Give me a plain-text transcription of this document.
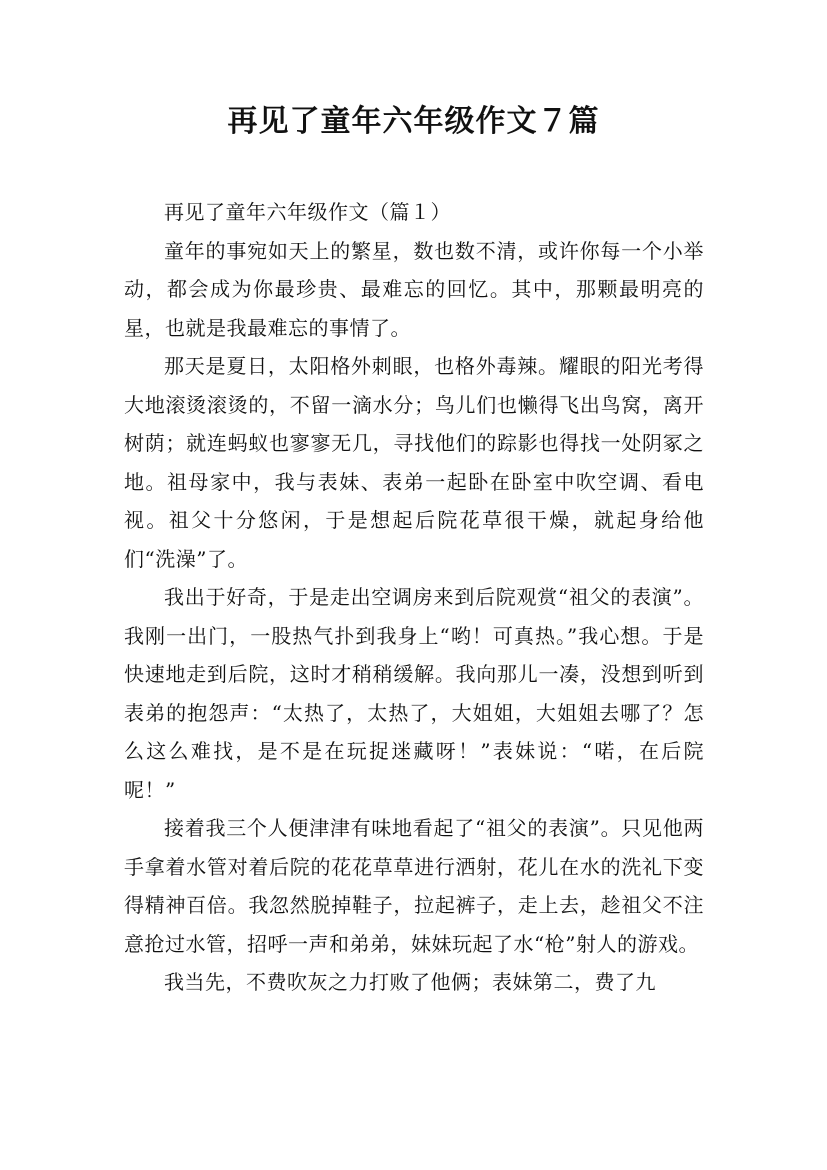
再见了童年六年级作文７篇

再见了童年六年级作文（篇１）

童年的事宛如天上的繁星，数也数不清，或许你每一个小举动，都会成为你最珍贵、最难忘的回忆。其中，那颗最明亮的星，也就是我最难忘的事情了。

那天是夏日，太阳格外刺眼，也格外毒辣。耀眼的阳光考得大地滚烫滚烫的，不留一滴水分；鸟儿们也懒得飞出鸟窝，离开树荫；就连蚂蚁也寥寥无几，寻找他们的踪影也得找一处阴冢之地。祖母家中，我与表妹、表弟一起卧在卧室中吹空调、看电视。祖父十分悠闲，于是想起后院花草很干燥，就起身给他们“洗澡”了。

我出于好奇，于是走出空调房来到后院观赏“祖父的表演”。我刚一出门，一股热气扑到我身上“哟！可真热。”我心想。于是快速地走到后院，这时才稍稍缓解。我向那儿一凑，没想到听到表弟的抱怨声：“太热了，太热了，大姐姐，大姐姐去哪了？怎么这么难找，是不是在玩捉迷藏呀！”表妹说：“喏，在后院呢！”

接着我三个人便津津有味地看起了“祖父的表演”。只见他两手拿着水管对着后院的花花草草进行洒射，花儿在水的洗礼下变得精神百倍。我忽然脱掉鞋子，拉起裤子，走上去，趁祖父不注意抢过水管，招呼一声和弟弟，妹妹玩起了水“枪”射人的游戏。

我当先，不费吹灰之力打败了他俩；表妹第二，费了九
